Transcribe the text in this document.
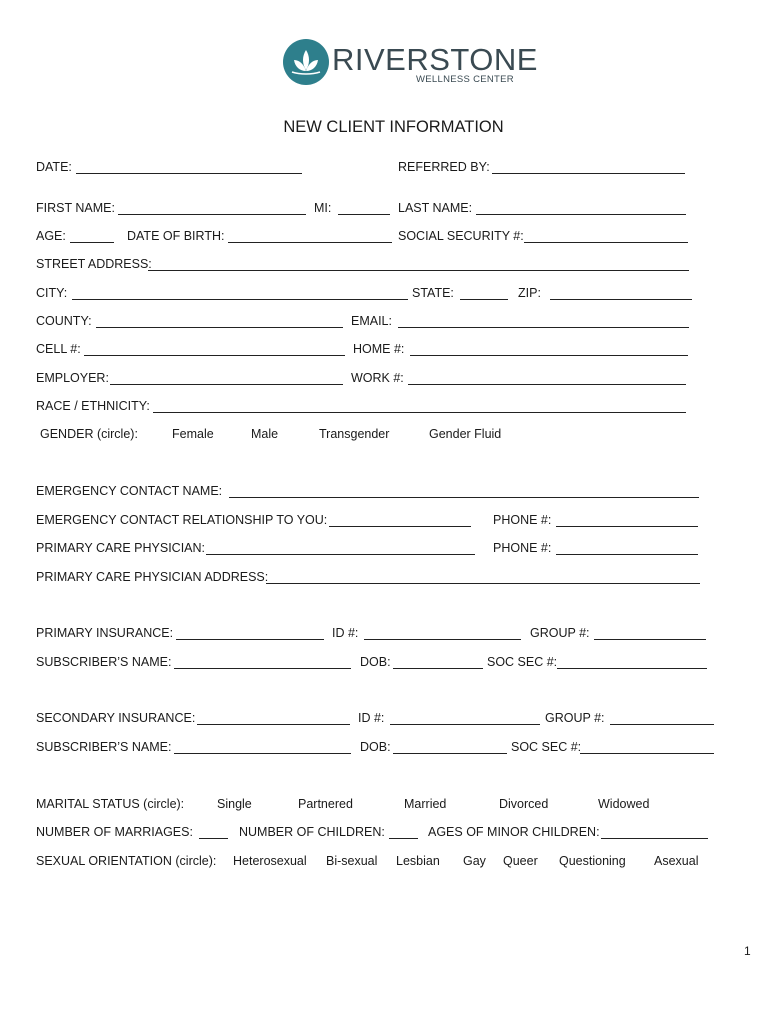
RIVERSTONE
WELLNESS CENTER
NEW CLIENT INFORMATION
DATE:	REFERRED BY:
FIRST NAME:	MI:	LAST NAME:
AGE:	DATE OF BIRTH:	SOCIAL SECURITY #:
STREET ADDRESS:
CITY:	STATE:	ZIP:
COUNTY:	EMAIL:
CELL #:	HOME #:
EMPLOYER:	WORK #:
RACE / ETHNICITY:
GENDER (circle):	Female	Male	Transgender	Gender Fluid
EMERGENCY CONTACT NAME:
EMERGENCY CONTACT RELATIONSHIP TO YOU:	PHONE #:
PRIMARY CARE PHYSICIAN:	PHONE #:
PRIMARY CARE PHYSICIAN ADDRESS:
PRIMARY INSURANCE:	ID #:	GROUP #:
SUBSCRIBER’S NAME:	DOB:	SOC SEC #:
SECONDARY INSURANCE:	ID #:	GROUP #:
SUBSCRIBER’S NAME:	DOB:	SOC SEC #:
MARITAL STATUS (circle):	Single	Partnered	Married	Divorced	Widowed
NUMBER OF MARRIAGES:	NUMBER OF CHILDREN:	AGES OF MINOR CHILDREN:
SEXUAL ORIENTATION (circle): Heterosexual Bi-sexual Lesbian Gay Queer Questioning Asexual
1
